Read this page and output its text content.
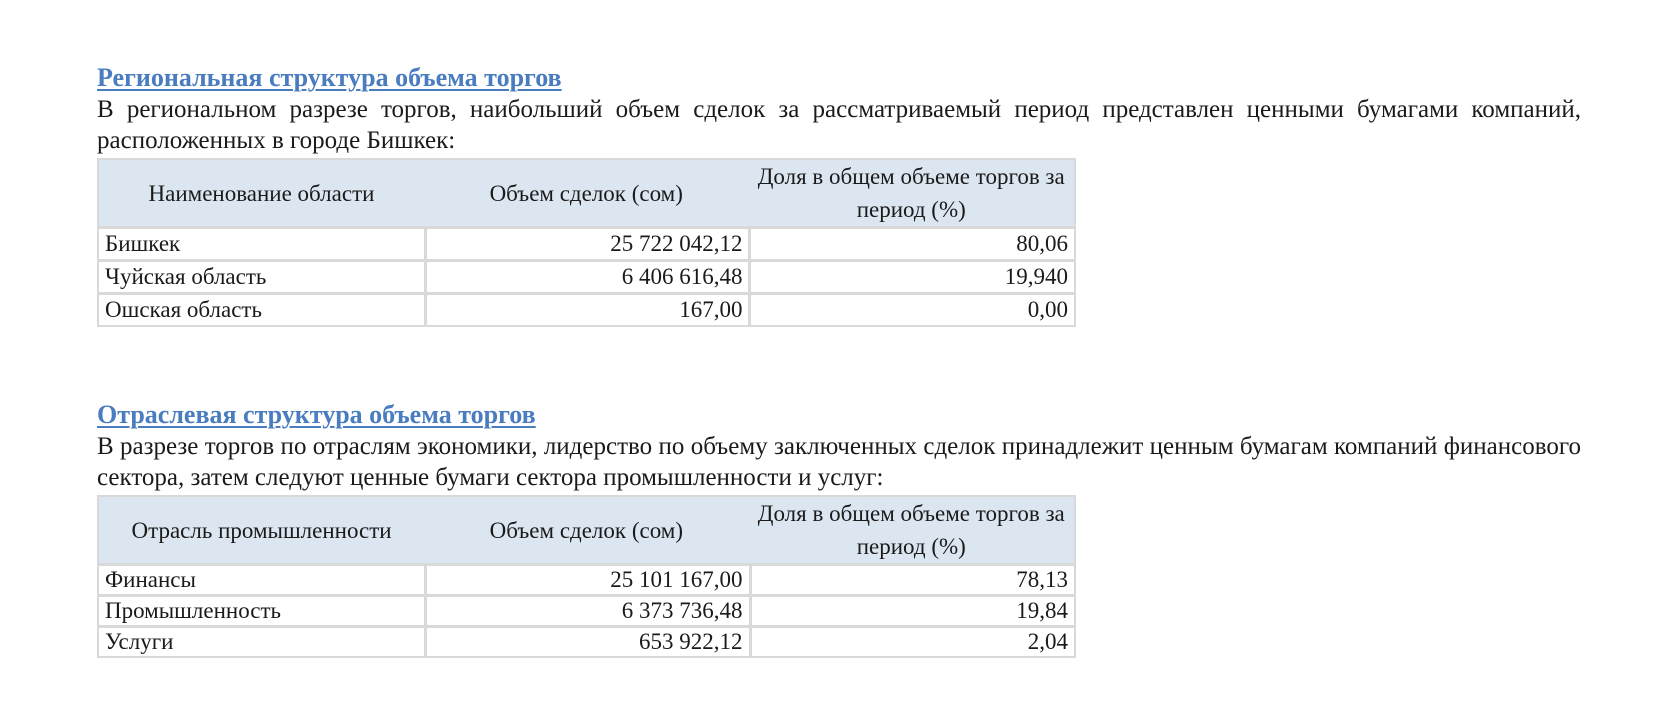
Региональная структура объема торгов
В региональном разрезе торгов, наибольший объем сделок за рассматриваемый период представлен ценными бумагами компаний, расположенных в городе Бишкек:
Наименование области	Объем сделок (сом)	Доля в общем объеме торгов за период (%)
Бишкек	25 722 042,12	80,06
Чуйская область	6 406 616,48	19,940
Ошская область	167,00	0,00
Отраслевая структура объема торгов
В разрезе торгов по отраслям экономики, лидерство по объему заключенных сделок принадлежит ценным бумагам компаний финансового сектора, затем следуют ценные бумаги сектора промышленности и услуг:
Отрасль промышленности	Объем сделок (сом)	Доля в общем объеме торгов за период (%)
Финансы	25 101 167,00	78,13
Промышленность	6 373 736,48	19,84
Услуги	653 922,12	2,04
